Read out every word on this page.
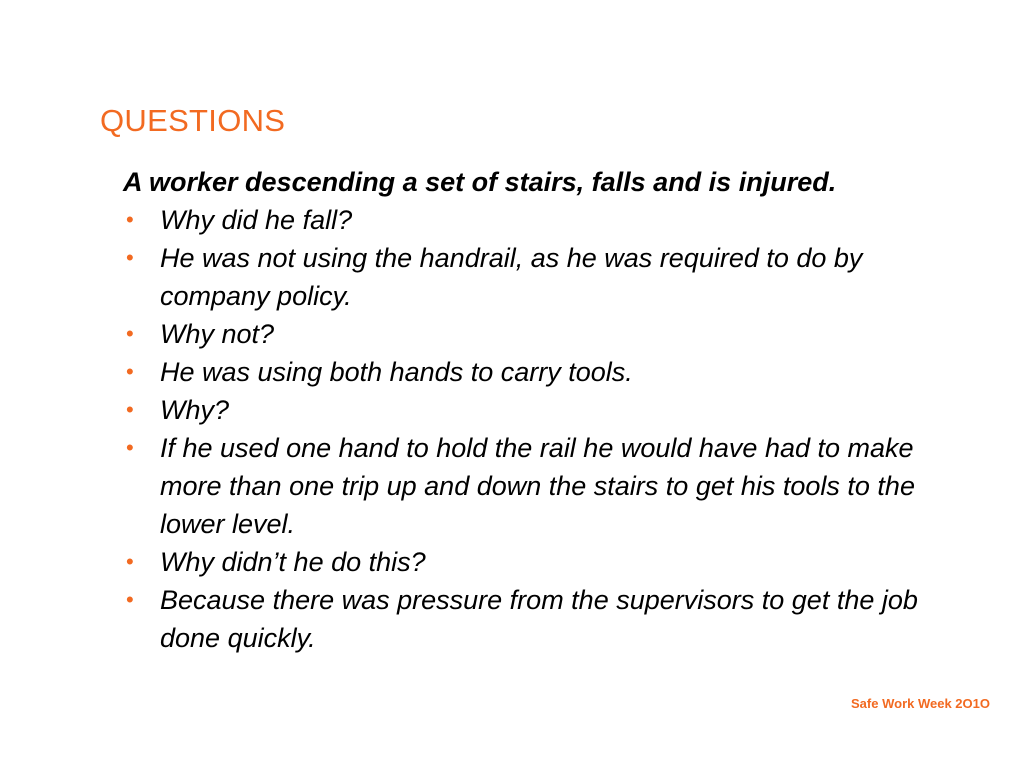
QUESTIONS

A worker descending a set of stairs, falls and is injured.

• Why did he fall?
• He was not using the handrail, as he was required to do by company policy.
• Why not?
• He was using both hands to carry tools.
• Why?
• If he used one hand to hold the rail he would have had to make more than one trip up and down the stairs to get his tools to the lower level.
• Why didn’t he do this?
• Because there was pressure from the supervisors to get the job done quickly.
Safe Work Week 2O1O
